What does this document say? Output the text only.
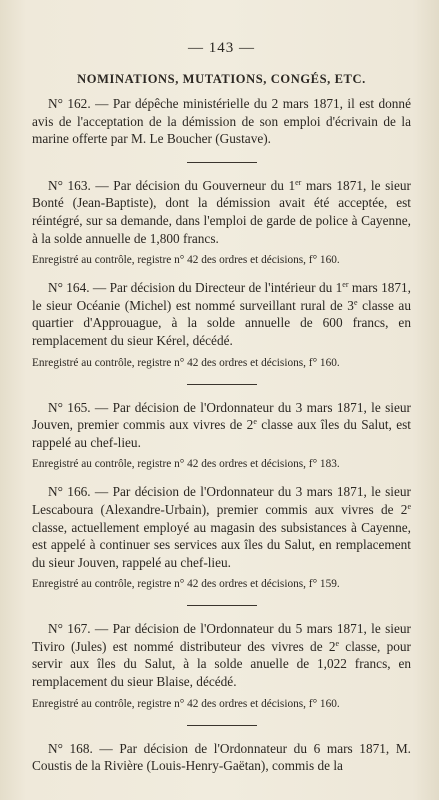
— 143 —
NOMINATIONS, MUTATIONS, CONGÉS, ETC.

N° 162. — Par dépêche ministérielle du 2 mars 1871, il est donné avis de l'acceptation de la démission de son emploi d'écrivain de la marine offerte par M. Le Boucher (Gustave).

N° 163. — Par décision du Gouverneur du 1er mars 1871, le sieur Bonté (Jean-Baptiste), dont la démission avait été acceptée, est réintégré, sur sa demande, dans l'emploi de garde de police à Cayenne, à la solde annuelle de 1,800 francs.

Enregistré au contrôle, registre n° 42 des ordres et décisions, f° 160.

N° 164. — Par décision du Directeur de l'intérieur du 1er mars 1871, le sieur Océanie (Michel) est nommé surveillant rural de 3e classe au quartier d'Approuague, à la solde annuelle de 600 francs, en remplacement du sieur Kérel, décédé.

Enregistré au contrôle, registre n° 42 des ordres et décisions, f° 160.

N° 165. — Par décision de l'Ordonnateur du 3 mars 1871, le sieur Jouven, premier commis aux vivres de 2e classe aux îles du Salut, est rappelé au chef-lieu.

Enregistré au contrôle, registre n° 42 des ordres et décisions, f° 183.

N° 166. — Par décision de l'Ordonnateur du 3 mars 1871, le sieur Lescaboura (Alexandre-Urbain), premier commis aux vivres de 2e classe, actuellement employé au magasin des subsistances à Cayenne, est appelé à continuer ses services aux îles du Salut, en remplacement du sieur Jouven, rappelé au chef-lieu.

Enregistré au contrôle, registre n° 42 des ordres et décisions, f° 159.

N° 167. — Par décision de l'Ordonnateur du 5 mars 1871, le sieur Tiviro (Jules) est nommé distributeur des vivres de 2e classe, pour servir aux îles du Salut, à la solde anuelle de 1,022 francs, en remplacement du sieur Blaise, décédé.

Enregistré au contrôle, registre n° 42 des ordres et décisions, f° 160.

N° 168. — Par décision de l'Ordonnateur du 6 mars 1871, M. Coustis de la Rivière (Louis-Henry-Gaëtan), commis de la
